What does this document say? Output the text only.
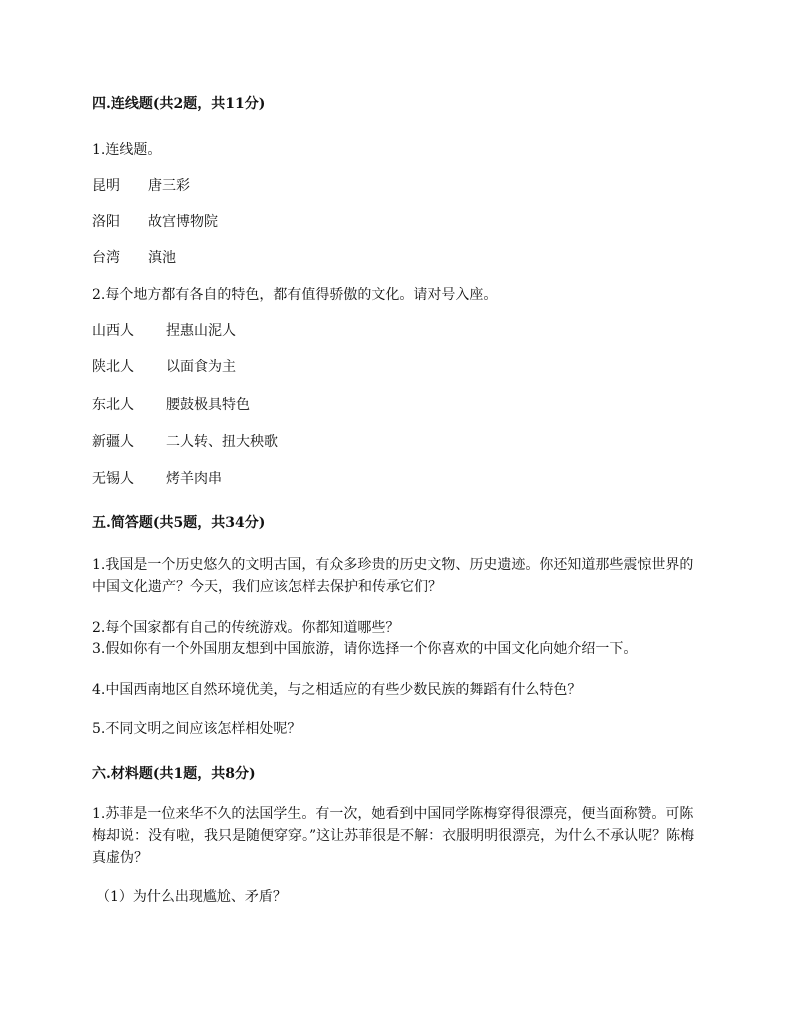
四.连线题(共2题，共11分)
1.连线题。
昆明 唐三彩
洛阳 故宫博物院
台湾 滇池
2.每个地方都有各自的特色，都有值得骄傲的文化。请对号入座。
山西人 捏惠山泥人
陕北人 以面食为主
东北人 腰鼓极具特色
新疆人 二人转、扭大秧歌
无锡人 烤羊肉串
五.简答题(共5题，共34分)
1.我国是一个历史悠久的文明古国，有众多珍贵的历史文物、历史遗迹。你还知道那些震惊世界的中国文化遗产？今天，我们应该怎样去保护和传承它们？
2.每个国家都有自己的传统游戏。你都知道哪些？
3.假如你有一个外国朋友想到中国旅游，请你选择一个你喜欢的中国文化向她介绍一下。
4.中国西南地区自然环境优美，与之相适应的有些少数民族的舞蹈有什么特色？
5.不同文明之间应该怎样相处呢？
六.材料题(共1题，共8分)
1.苏菲是一位来华不久的法国学生。有一次，她看到中国同学陈梅穿得很漂亮，便当面称赞。可陈梅却说：没有啦，我只是随便穿穿。”这让苏菲很是不解：衣服明明很漂亮，为什么不承认呢？陈梅真虚伪？
（1）为什么出现尴尬、矛盾？
